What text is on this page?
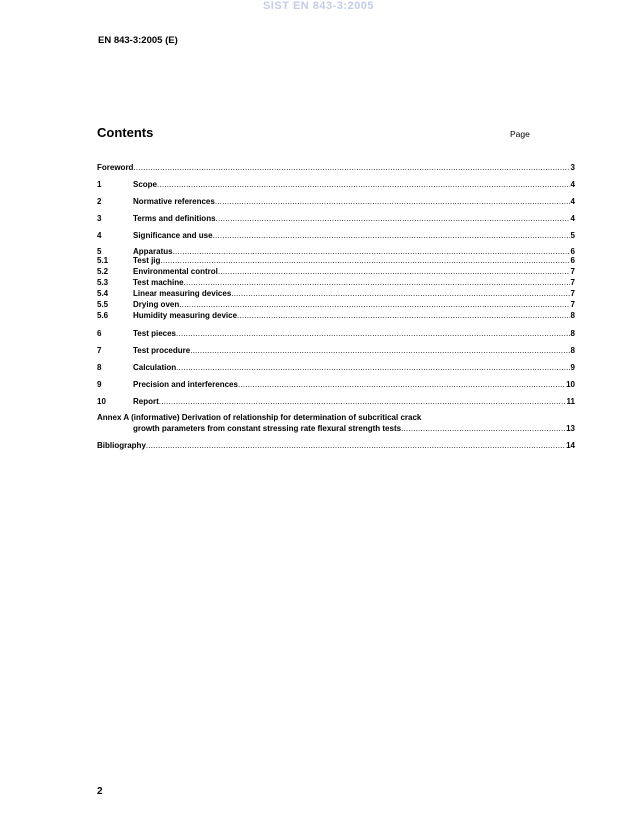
SIST EN 843-3:2005
EN 843-3:2005 (E)
Contents	Page
Foreword .....	3
1	Scope .....	4
2	Normative references .....	4
3	Terms and definitions .....	4
4	Significance and use .....	5
5	Apparatus .....	6
5.1	Test jig .....	6
5.2	Environmental control .....	7
5.3	Test machine .....	7
5.4	Linear measuring devices .....	7
5.5	Drying oven .....	7
5.6	Humidity measuring device .....	8
6	Test pieces .....	8
7	Test procedure .....	8
8	Calculation .....	9
9	Precision and interferences .....	10
10	Report .....	11
Annex A (informative) Derivation of relationship for determination of subcritical crack
growth parameters from constant stressing rate flexural strength tests .....	13
Bibliography .....	14
2
